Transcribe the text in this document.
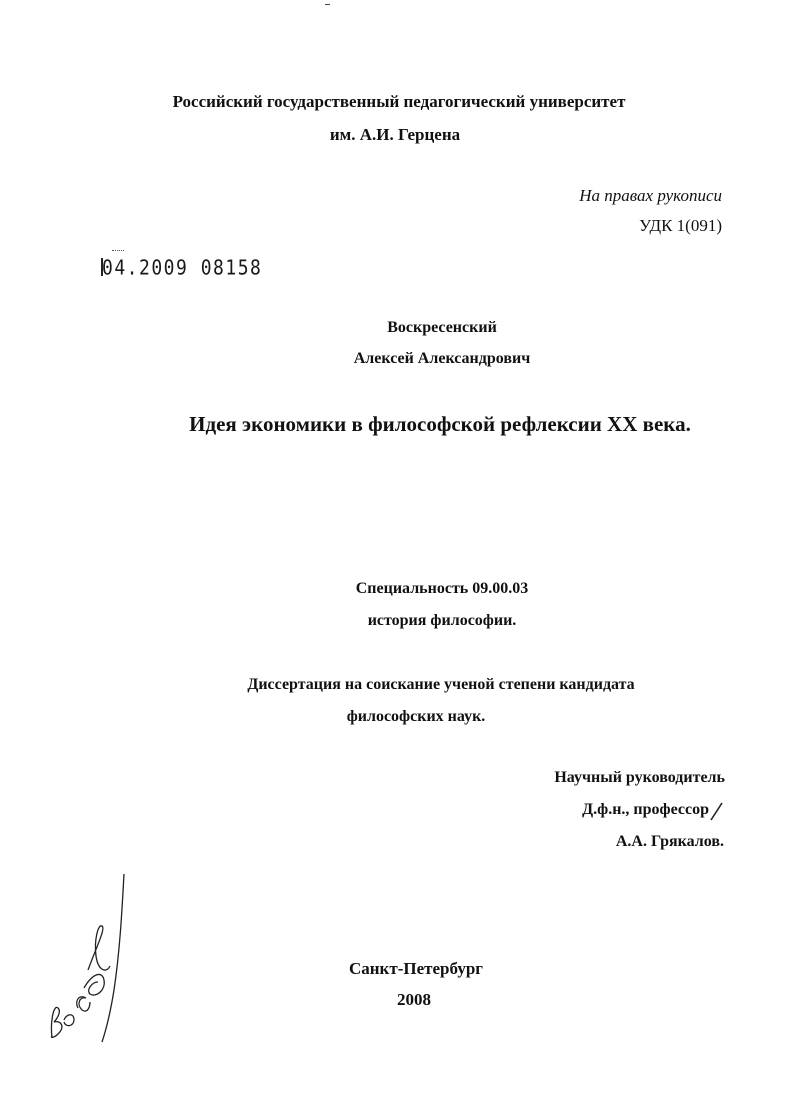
Российский государственный педагогический университет
им. А.И. Герцена
На правах рукописи
УДК 1(091)
04.2009 08158
Воскресенский
Алексей Александрович
Идея экономики в философской рефлексии XX века.
Специальность 09.00.03
история философии.
Диссертация на соискание ученой степени кандидата
философских наук.
Научный руководитель
Д.ф.н., профессор
А.А. Грякалов.
Санкт-Петербург
2008
